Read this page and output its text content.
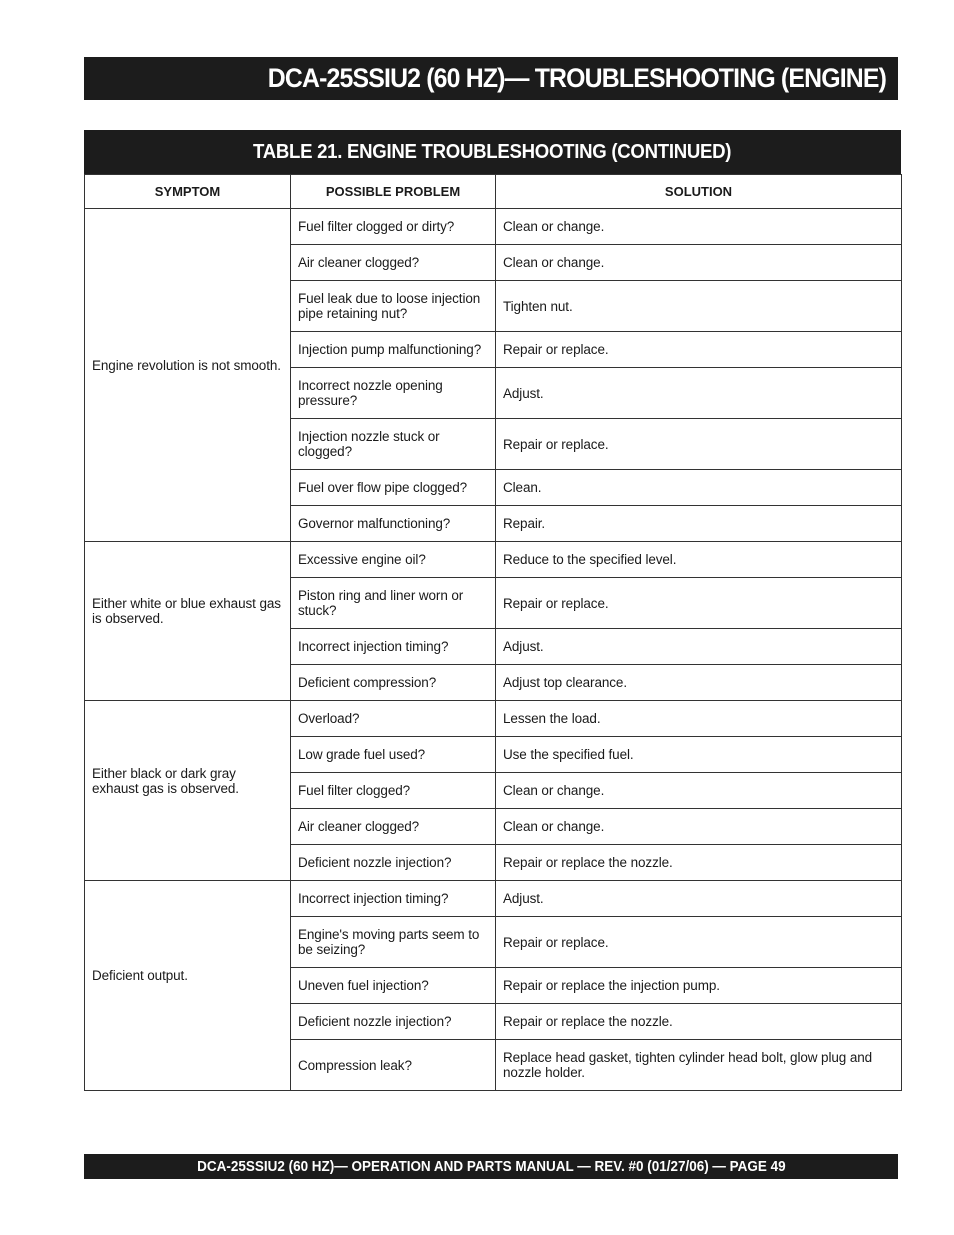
DCA-25SSIU2 (60 HZ)— TROUBLESHOOTING (ENGINE)
TABLE 21. ENGINE TROUBLESHOOTING (CONTINUED)
SYMPTOM	POSSIBLE PROBLEM	SOLUTION
Engine revolution is not smooth.	Fuel filter clogged or dirty?	Clean or change.
	Air cleaner clogged?	Clean or change.
	Fuel leak due to loose injection pipe retaining nut?	Tighten nut.
	Injection pump malfunctioning?	Repair or replace.
	Incorrect nozzle opening pressure?	Adjust.
	Injection nozzle stuck or clogged?	Repair or replace.
	Fuel over flow pipe clogged?	Clean.
	Governor malfunctioning?	Repair.
Either white or blue exhaust gas is observed.	Excessive engine oil?	Reduce to the specified level.
	Piston ring and liner worn or stuck?	Repair or replace.
	Incorrect injection timing?	Adjust.
	Deficient compression?	Adjust top clearance.
Either black or dark gray exhaust gas is observed.	Overload?	Lessen the load.
	Low grade fuel used?	Use the specified fuel.
	Fuel filter clogged?	Clean or change.
	Air cleaner clogged?	Clean or change.
	Deficient nozzle injection?	Repair or replace the nozzle.
Deficient output.	Incorrect injection timing?	Adjust.
	Engine's moving parts seem to be seizing?	Repair or replace.
	Uneven fuel injection?	Repair or replace the injection pump.
	Deficient nozzle injection?	Repair or replace the nozzle.
	Compression leak?	Replace head gasket, tighten cylinder head bolt, glow plug and nozzle holder.
DCA-25SSIU2 (60 HZ)— OPERATION AND PARTS MANUAL — REV. #0 (01/27/06) — PAGE 49
